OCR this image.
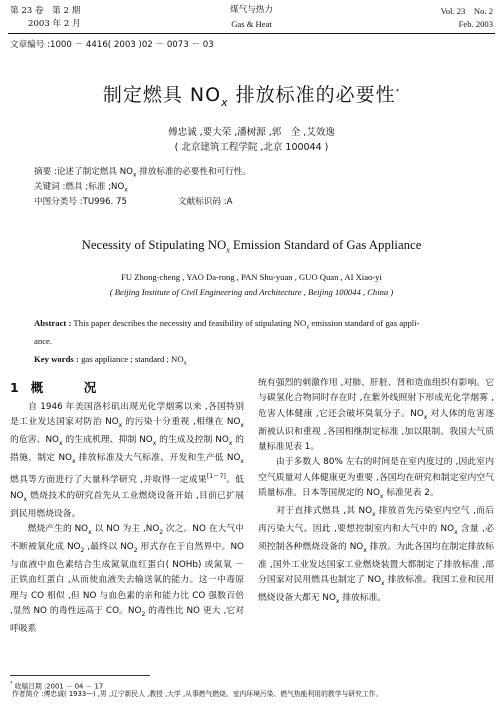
第 23 卷　第 2 期
2003 年 2 月
煤气与热力
Gas & Heat
Vol. 23　No. 2
Feb. 2003
文章编号 :1000 － 4416( 2003 )02 － 0073 － 03
制定燃具 $NO_x$ 排放标准的必要性*
傅忠诚 ,要大荣 ,潘树源 ,郭　全 ,艾效逸
( 北京建筑工程学院 ,北京 100044 )
摘要 :论述了制定燃具 $NO_x$ 排放标准的必要性和可行性。
关键词 :燃具 ;标准 $;NO_x$
中图分类号 :TU996. 75	文献标识码 :A
Necessity of Stipulating $NO_x$ Emission Standard of Gas Appliance
FU Zhong-cheng , YAO Da-rong , PAN Shu-yuan , GUO Quan , AI Xiao-yi
( Beijing Institute of Civil Engineering and Architecture , Beijing 100044 , China )
Abstract : This paper describes the necessity and feasibility of stipulating $NO_x$ emission standard of gas appli-
ance.
Key words : gas appliance ; standard ; $NO_x$
1 概　况

　　自 1946 年美国洛杉矶出现光化学烟雾以来 ,各国特别是工业发达国家对防治 $NO_x$ 的污染十分重视 ,相继在 $NO_x$ 的危害、$NO_x$ 的生成机理、抑制 $NO_x$ 的生成及控制 $NO_x$ 的措施、制定 $NO_x$ 排放标准及大气标准、开发和生产低 $NO_x$ 燃具等方面进行了大量科学研究 ,并取得一定成果[1～7]。低 $NO_x$ 燃烧技术的研究首先从工业燃烧设备开始 ,目前已扩展到民用燃烧设备。

　　燃烧产生的 $NO_x$ 以 NO 为主 $,NO_2$ 次之。NO 在大气中不断被氧化成 $NO_2$ ,最终以 $NO_2$ 形式存在于自然界中。NO 与血液中血色素结合生成氮氧血红蛋白( NOHb) 或氮氧 － 正铁血红蛋白 ,从而使血液失去输送氧的能力。这一中毒原理与 CO 相似 ,但 NO 与血色素的亲和能力比 CO 强数百倍 ,显然 NO 的毒性远高于 CO。$NO_2$ 的毒性比 NO 更大 ,它对呼吸系

统有强烈的刺激作用 ,对肺、肝脏、肾和造血组织有影响。它与碳氢化合物同时存在时 ,在紫外线照射下形成光化学烟雾 ,危害人体健康 ,它还会破坏臭氧分子。$NO_x$ 对人体的危害逐渐被认识和重视 ,各国相继制定标准 ,加以限制。我国大气质量标准见表 1。

　　由于多数人 80% 左右的时间是在室内度过的 ,因此室内空气质量对人体健康更为重要 ,各国均在研究和制定室内空气质量标准。日本等国规定的 $NO_x$ 标准见表 2。

　　对于直排式燃具 ,其 $NO_x$ 排放首先污染室内空气 ,而后再污染大气。因此 ,要想控制室内和大气中的 $NO_x$ 含量 ,必须控制各种燃烧设备的 $NO_x$ 排放。为此各国均在制定排放标准 ,国外工业发达国家工业燃烧装置大都制定了排放标准 ,部分国家对民用燃具也制定了 $NO_x$ 排放标准。我国工业和民用燃烧设备大都无 $NO_x$ 排放标准。

* 收稿日期 :2001 － 04 － 17
作者简介 :傅忠诚( 1933—) ,男 ,辽宁新民人 ,教授 ,大学 ,从事燃气燃烧、室内环境污染、燃气热能利用的教学与研究工作。
